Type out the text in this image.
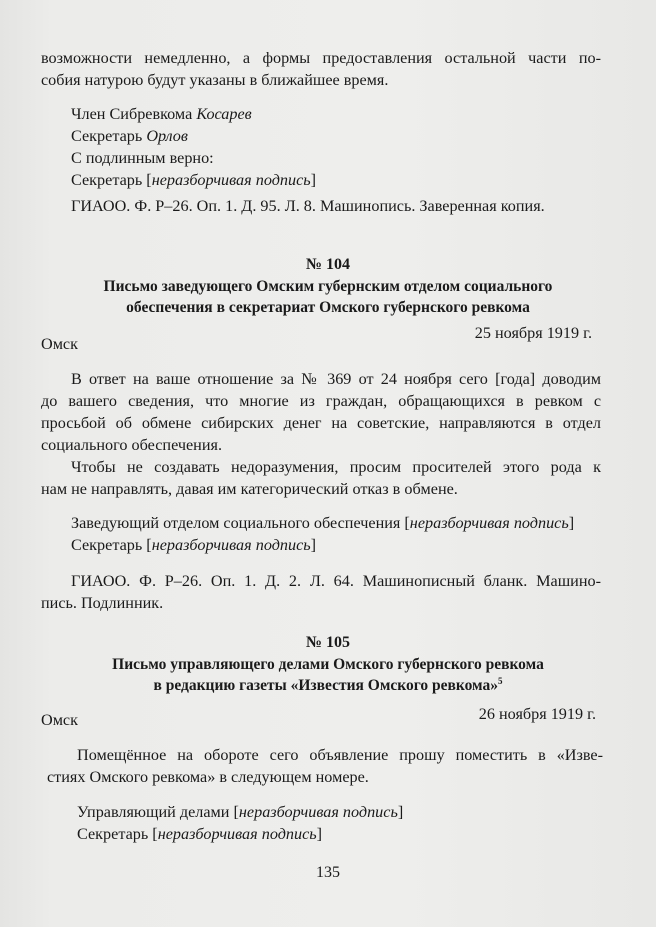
возможности немедленно, а формы предоставления остальной части по-
собия натурою будут указаны в ближайшее время.
Член Сибревкома Косарев
Секретарь Орлов
С подлинным верно:
Секретарь [неразборчивая подпись]
ГИАОО. Ф. Р–26. Оп. 1. Д. 95. Л. 8. Машинопись. Заверенная копия.
№ 104
Письмо заведующего Омским губернским отделом социального
обеспечения в секретариат Омского губернского ревкома
Омск
25 ноября 1919 г.
В ответ на ваше отношение за № 369 от 24 ноября сего [года] доводим
до вашего сведения, что многие из граждан, обращающихся в ревком с
просьбой об обмене сибирских денег на советские, направляются в отдел
социального обеспечения.
Чтобы не создавать недоразумения, просим просителей этого рода к
нам не направлять, давая им категорический отказ в обмене.
Заведующий отделом социального обеспечения [неразборчивая подпись]
Секретарь [неразборчивая подпись]
ГИАОО. Ф. Р–26. Оп. 1. Д. 2. Л. 64. Машинописный бланк. Машино-
пись. Подлинник.
№ 105
Письмо управляющего делами Омского губернского ревкома
в редакцию газеты «Известия Омского ревкома»$^5$
Омск	26 ноября 1919 г.
Помещённое на обороте сего объявление прошу поместить в «Изве-
стиях Омского ревкома» в следующем номере.
Управляющий делами [неразборчивая подпись]
Секретарь [неразборчивая подпись]
135
